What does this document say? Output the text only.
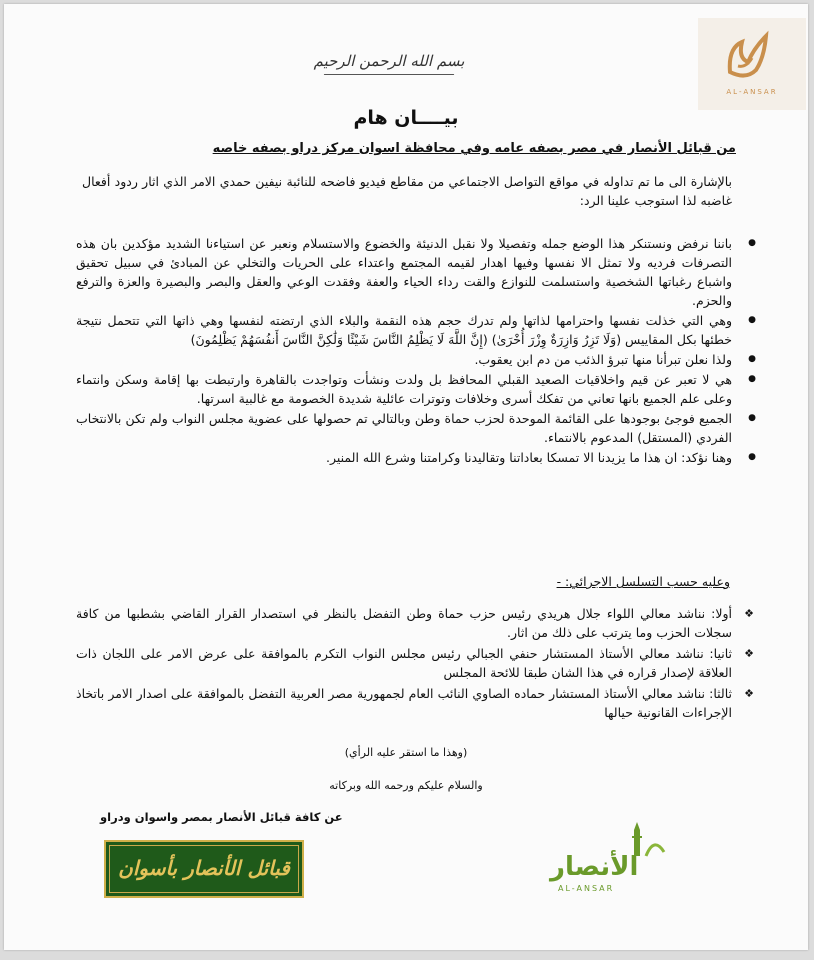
بسم الله الرحمن الرحيم
AL-ANSAR
بيــــان هام
من قبائل الأنصار في مصر بصفه عامه وفي محافظة اسوان مركز دراو بصفه خاصه
بالإشارة الى ما تم تداوله في مواقع التواصل الاجتماعي من مقاطع فيديو فاضحه للنائبة نيفين حمدي الامر الذي اثار ردود أفعال غاضبه لذا استوجب علينا الرد:
● باننا نرفض ونستنكر هذا الوضع جمله وتفصيلا ولا نقبل الدنيئة والخضوع والاستسلام ونعبر عن استياءنا الشديد مؤكدين بان هذه التصرفات فرديه ولا تمثل الا نفسها وفيها اهدار لقيمه المجتمع واعتداء على الحريات والتخلي عن المبادئ في سبيل تحقيق واشباع رغباتها الشخصية واستسلمت للنوازع والقت رداء الحياء والعفة وفقدت الوعي والعقل والبصر والبصيرة والعزة والترفع والحزم.
● وهي التي خذلت نفسها واحترامها لذاتها ولم تدرك حجم هذه النقمة والبلاء الذي ارتضته لنفسها وهي ذاتها التي تتحمل نتيجة خطئها بكل المقاييس (وَلَا تَزِرُ وَازِرَةٌ وِزْرَ أُخْرَىٰ) (إِنَّ اللَّهَ لَا يَظْلِمُ النَّاسَ شَيْئًا وَلَٰكِنَّ النَّاسَ أَنفُسَهُمْ يَظْلِمُونَ)
● ولذا نعلن تبرأنا منها تبرؤ الذئب من دم ابن يعقوب.
● هي لا تعبر عن قيم واخلاقيات الصعيد القبلي المحافظ بل ولدت ونشأت وتواجدت بالقاهرة وارتبطت بها إقامة وسكن وانتماء وعلى علم الجميع بانها تعاني من تفكك أسرى وخلافات وتوترات عائلية شديدة الخصومة مع غالبية اسرتها.
● الجميع فوجئ بوجودها على القائمة الموحدة لحزب حماة وطن وبالتالي تم حصولها على عضوية مجلس النواب ولم تكن بالانتخاب الفردي (المستقل) المدعوم بالانتماء.
● وهنا نؤكد: ان هذا ما يزيدنا الا تمسكا بعاداتنا وتقاليدنا وكرامتنا وشرع الله المنير.
وعليه حسب التسلسل الاجرائي: -
❖ أولا: نناشد معالي اللواء جلال هريدي رئيس حزب حماة وطن التفضل بالنظر في استصدار القرار القاضي بشطبها من كافة سجلات الحزب وما يترتب على ذلك من اثار.
❖ ثانيا: نناشد معالي الأستاذ المستشار حنفي الجبالي رئيس مجلس النواب التكرم بالموافقة على عرض الامر على اللجان ذات العلاقة لإصدار قراره في هذا الشان طبقا للائحة المجلس
❖ ثالثا: نناشد معالي الأستاذ المستشار حماده الصاوي النائب العام لجمهورية مصر العربية التفضل بالموافقة على اصدار الامر باتخاذ الإجراءات القانونية حيالها
(وهذا ما استقر عليه الرأي)
والسلام عليكم ورحمه الله وبركاته
عن كافة قبائل الأنصار بمصر واسوان ودراو
قبائل الأنصار بأسوان	الأنصار
AL-ANSAR
